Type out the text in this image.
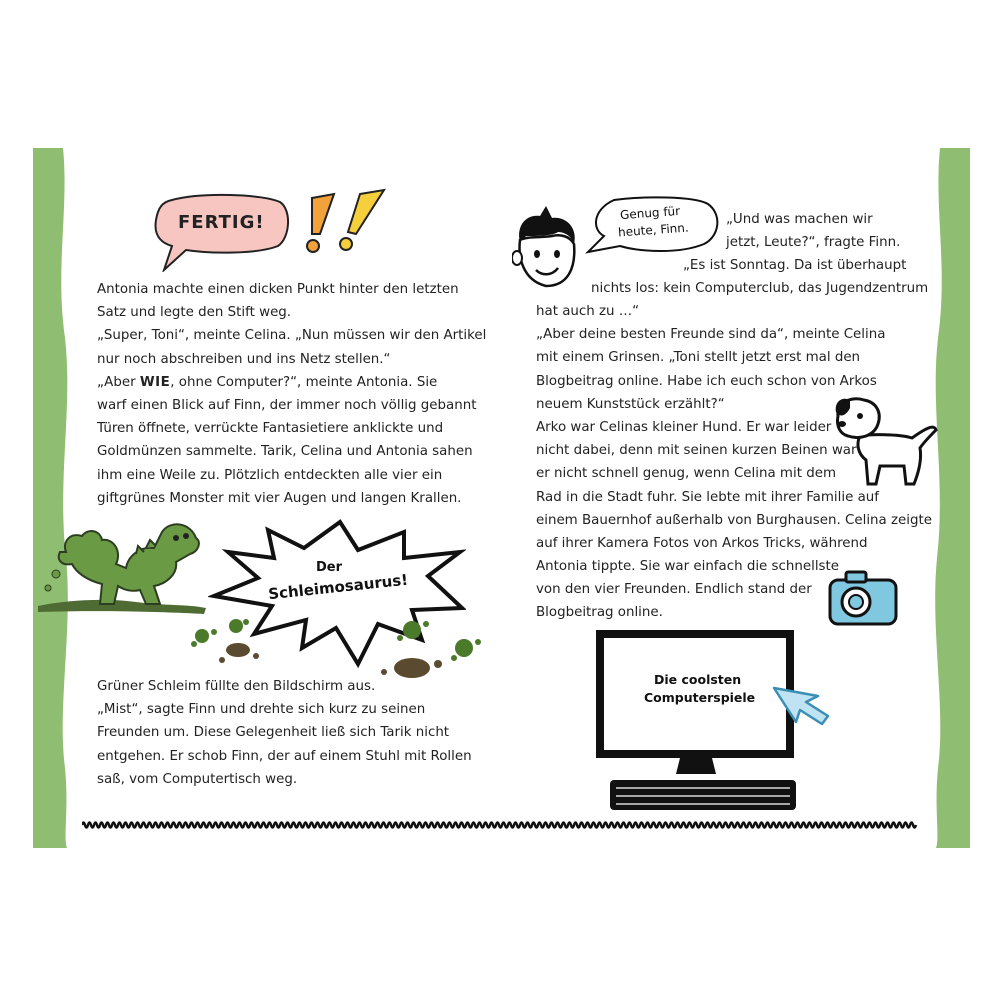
FERTIG!
Antonia machte einen dicken Punkt hinter den letzten
Satz und legte den Stift weg.
„Super, Toni“, meinte Celina. „Nun müssen wir den Artikel
nur noch abschreiben und ins Netz stellen.“
„Aber WIE, ohne Computer?“, meinte Antonia. Sie
warf einen Blick auf Finn, der immer noch völlig gebannt
Türen öffnete, verrückte Fantasietiere anklickte und
Goldmünzen sammelte. Tarik, Celina und Antonia sahen
ihm eine Weile zu. Plötzlich entdeckten alle vier ein
giftgrünes Monster mit vier Augen und langen Krallen.
Der
Schleimosaurus!
Grüner Schleim füllte den Bildschirm aus.
„Mist“, sagte Finn und drehte sich kurz zu seinen
Freunden um. Diese Gelegenheit ließ sich Tarik nicht
entgehen. Er schob Finn, der auf einem Stuhl mit Rollen
saß, vom Computertisch weg.
Genug für
heute, Finn.
„Und was machen wir
jetzt, Leute?“, fragte Finn.
„Es ist Sonntag. Da ist überhaupt
nichts los: kein Computerclub, das Jugendzentrum
hat auch zu …“
„Aber deine besten Freunde sind da“, meinte Celina
mit einem Grinsen. „Toni stellt jetzt erst mal den
Blogbeitrag online. Habe ich euch schon von Arkos
neuem Kunststück erzählt?“
Arko war Celinas kleiner Hund. Er war leider
nicht dabei, denn mit seinen kurzen Beinen war
er nicht schnell genug, wenn Celina mit dem
Rad in die Stadt fuhr. Sie lebte mit ihrer Familie auf
einem Bauernhof außerhalb von Burghausen. Celina zeigte
auf ihrer Kamera Fotos von Arkos Tricks, während
Antonia tippte. Sie war einfach die schnellste
von den vier Freunden. Endlich stand der
Blogbeitrag online.
Die coolsten
Computerspiele
